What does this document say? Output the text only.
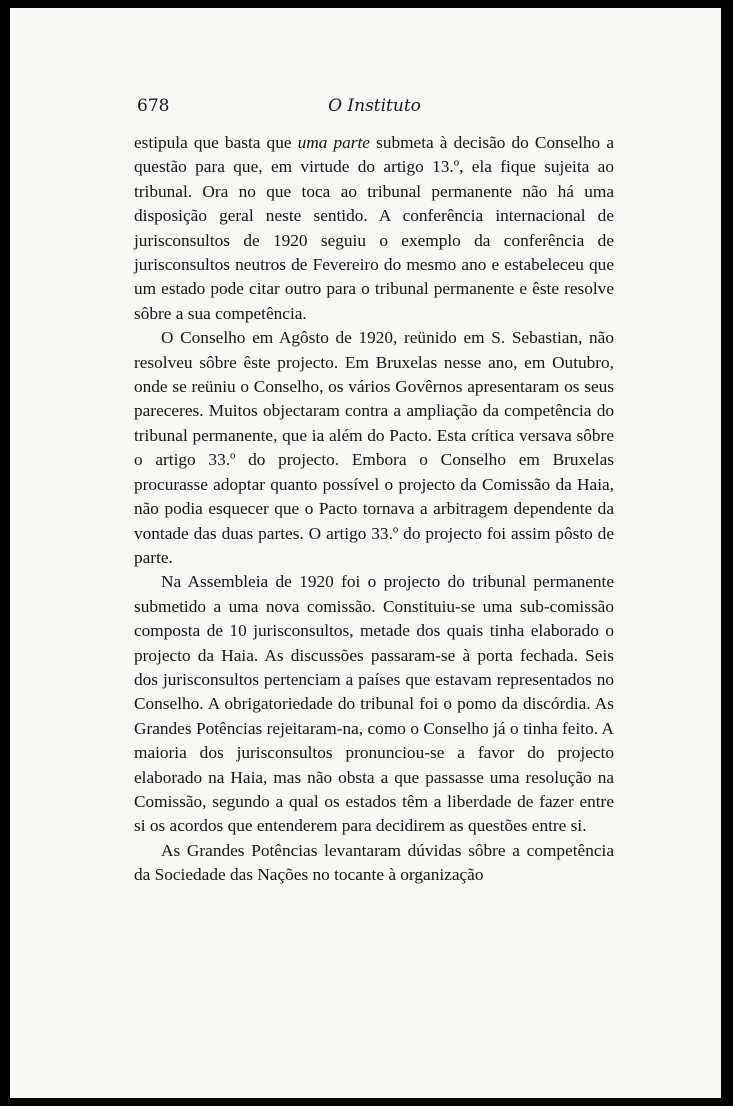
678	O Instituto

estipula que basta que uma parte submeta à decisão do Conselho a questão para que, em virtude do artigo 13.º, ela fique sujeita ao tribunal. Ora no que toca ao tribunal permanente não há uma disposição geral neste sentido. A conferência internacional de jurisconsultos de 1920 seguiu o exemplo da conferência de jurisconsultos neutros de Fevereiro do mesmo ano e estabeleceu que um estado pode citar outro para o tribunal permanente e êste resolve sôbre a sua competência.

O Conselho em Agôsto de 1920, reünido em S. Sebastian, não resolveu sôbre êste projecto. Em Bruxelas nesse ano, em Outubro, onde se reüniu o Conselho, os vários Govêrnos apresentaram os seus pareceres. Muitos objectaram contra a ampliação da competência do tribunal permanente, que ia além do Pacto. Esta crítica versava sôbre o artigo 33.º do projecto. Embora o Conselho em Bruxelas procurasse adoptar quanto possível o projecto da Comissão da Haia, não podia esquecer que o Pacto tornava a arbitragem dependente da vontade das duas partes. O artigo 33.º do projecto foi assim pôsto de parte.

Na Assembleia de 1920 foi o projecto do tribunal permanente submetido a uma nova comissão. Constituiu-se uma sub-comissão composta de 10 jurisconsultos, metade dos quais tinha elaborado o projecto da Haia. As discussões passaram-se à porta fechada. Seis dos jurisconsultos pertenciam a países que estavam representados no Conselho. A obrigatoriedade do tribunal foi o pomo da discórdia. As Grandes Potências rejeitaram-na, como o Conselho já o tinha feito. A maioria dos jurisconsultos pronunciou-se a favor do projecto elaborado na Haia, mas não obsta a que passasse uma resolução na Comissão, segundo a qual os estados têm a liberdade de fazer entre si os acordos que entenderem para decidirem as questões entre si.

As Grandes Potências levantaram dúvidas sôbre a competência da Sociedade das Nações no tocante à organização
